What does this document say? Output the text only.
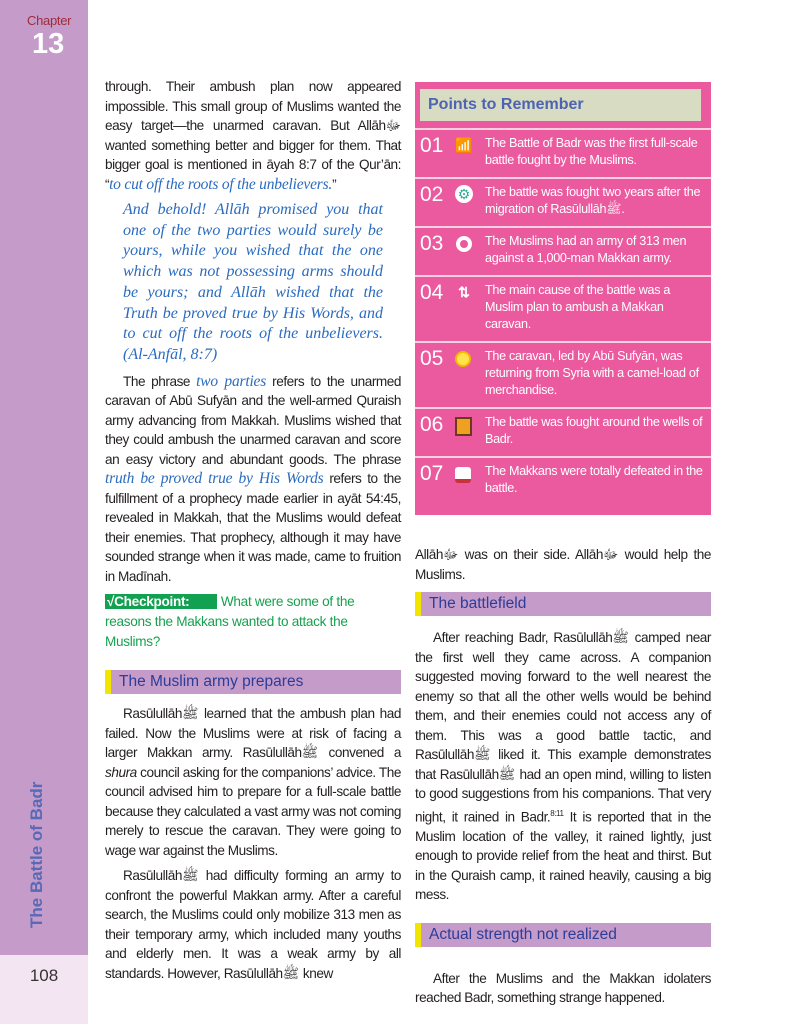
Chapter
13
The Battle of Badr
108
through. Their ambush plan now appeared impossible. This small group of Muslims wanted the easy target—the unarmed caravan. But Allāhﷻ wanted something better and bigger for them. That bigger goal is mentioned in āyah 8:7 of the Qur’ān: “to cut off the roots of the unbelievers.”
And behold! Allāh promised you that one of the two parties would surely be yours, while you wished that the one which was not possessing arms should be yours; and Allāh wished that the Truth be proved true by His Words, and to cut off the roots of the unbelievers. (Al-Anfāl, 8:7)

The phrase two parties refers to the unarmed caravan of Abū Sufyān and the well-armed Quraish army advancing from Makkah. Muslims wished that they could ambush the unarmed caravan and score an easy victory and abundant goods. The phrase truth be proved true by His Words refers to the fulfillment of a prophecy made earlier in ayāt 54:45, revealed in Makkah, that the Muslims would defeat their enemies. That prophecy, although it may have sounded strange when it was made, came to fruition in Madīnah.

√Checkpoint: What were some of the reasons the Makkans wanted to attack the Muslims?
The Muslim army prepares

Rasūlullāhﷺ learned that the ambush plan had failed. Now the Muslims were at risk of facing a larger Makkan army. Rasūlullāhﷺ convened a shura council asking for the companions’ advice. The council advised him to prepare for a full-scale battle because they calculated a vast army was not coming merely to rescue the caravan. They were going to wage war against the Muslims.

Rasūlullāhﷺ had difficulty forming an army to confront the powerful Makkan army. After a careful search, the Muslims could only mobilize 313 men as their temporary army, which included many youths and elderly men. It was a weak army by all standards. However, Rasūlullāhﷺ knew

Points to Remember
01 📶 The Battle of Badr was the first full-scale battle fought by the Muslims.
02 ⚙ The battle was fought two years after the migration of Rasūlullāhﷺ.
03	The Muslims had an army of 313 men against a 1,000-man Makkan army.
04 ⇅ The main cause of the battle was a Muslim plan to ambush a Makkan caravan.
05	The caravan, led by Abū Sufyān, was returning from Syria with a camel-load of merchandise.
06	The battle was fought around the wells of Badr.
07	The Makkans were totally defeated in the battle.
Allāhﷻ was on their side. Allāhﷻ would help the Muslims.
The battlefield

After reaching Badr, Rasūlullāhﷺ camped near the first well they came across. A companion suggested moving forward to the well nearest the enemy so that all the other wells would be behind them, and their enemies could not access any of them. This was a good battle tactic, and Rasūlullāhﷺ liked it. This example demonstrates that Rasūlullāhﷺ had an open mind, willing to listen to good suggestions from his companions. That very night, it rained in Badr.$^{8:11}$ It is reported that in the Muslim location of the valley, it rained lightly, just enough to provide relief from the heat and thirst. But in the Quraish camp, it rained heavily, causing a big mess.

Actual strength not realized

After the Muslims and the Makkan idolaters reached Badr, something strange happened.
